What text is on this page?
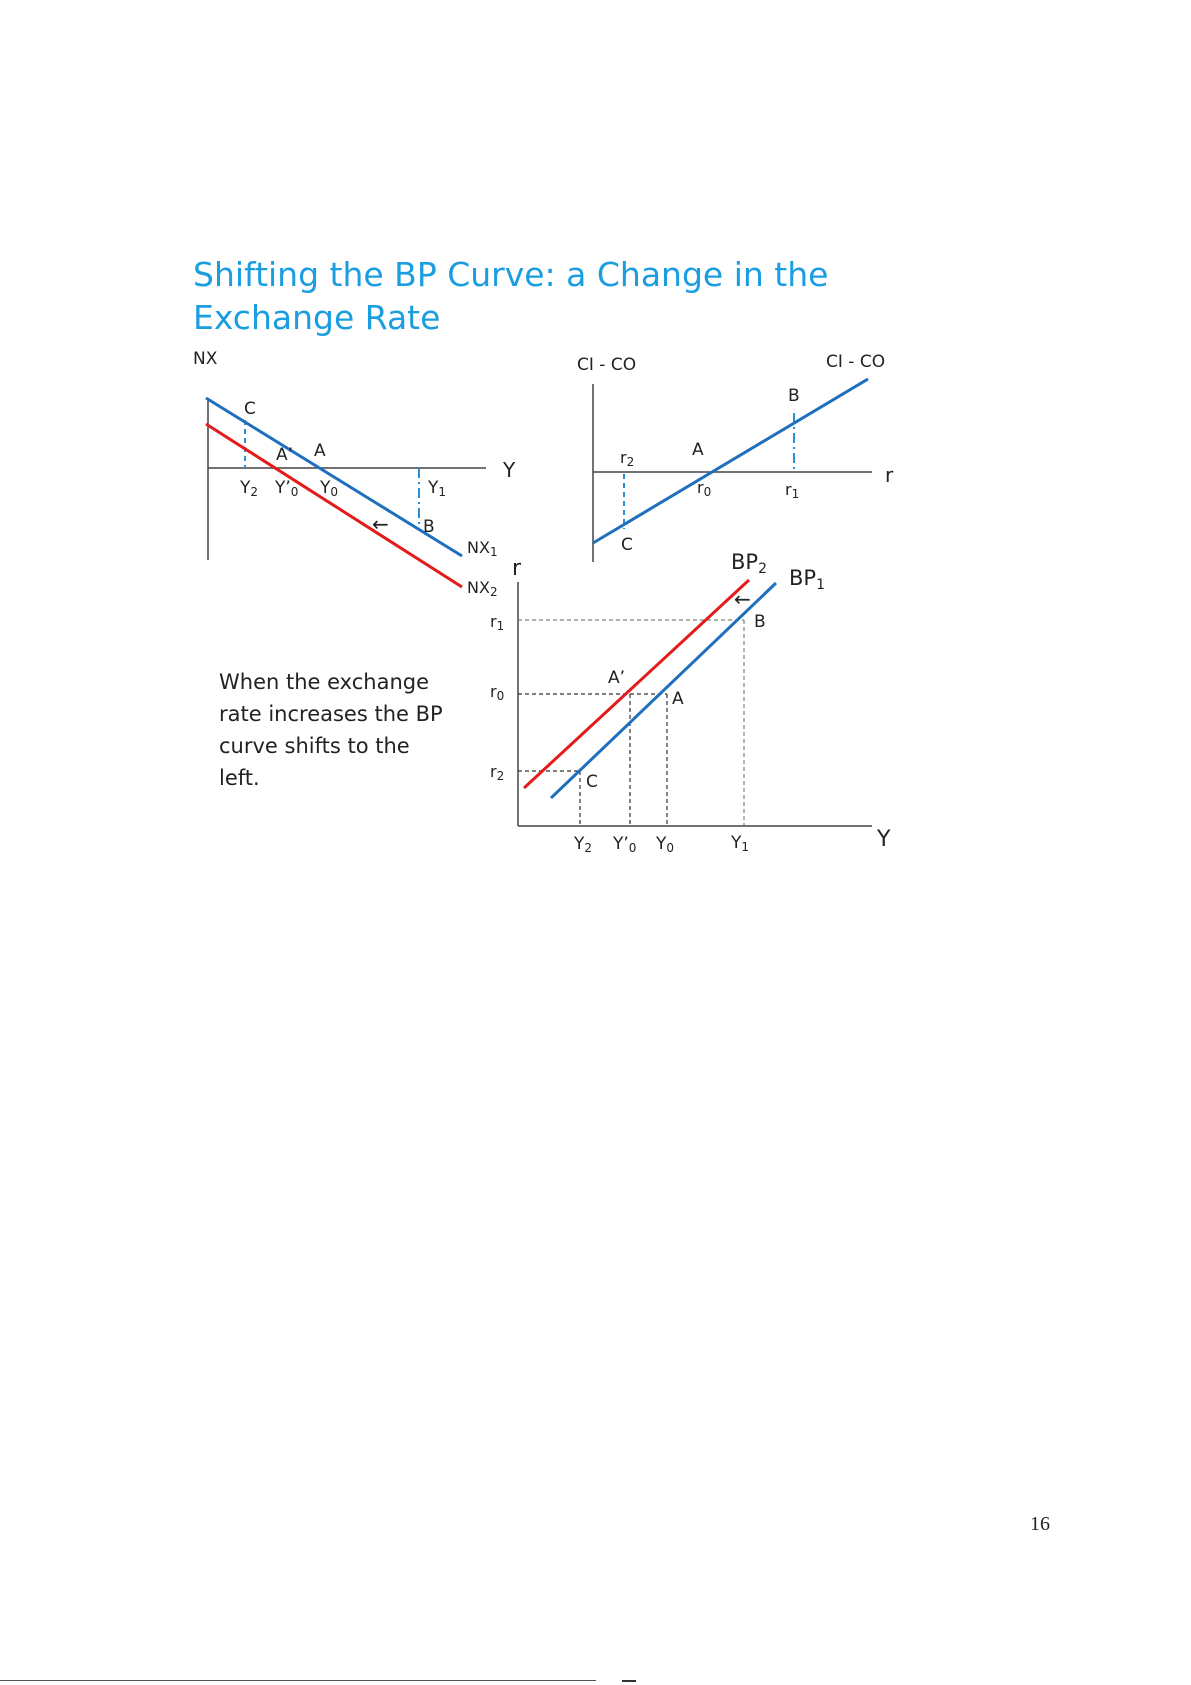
Shifting the BP Curve: a Change in the Exchange Rate
NX
Y
C
A’ A
B
←
Y2 Y’0 Y0	Y1
NX1
NX2
CI - CO
r
CI - CO
A
B
C
r2
r0	r1
r
Y
BP2 BP1
←
A’
A
B
C
r1
r0
r2
Y2 Y’0 Y0	Y1
When the exchange rate increases the BP curve shifts to the left.
16
